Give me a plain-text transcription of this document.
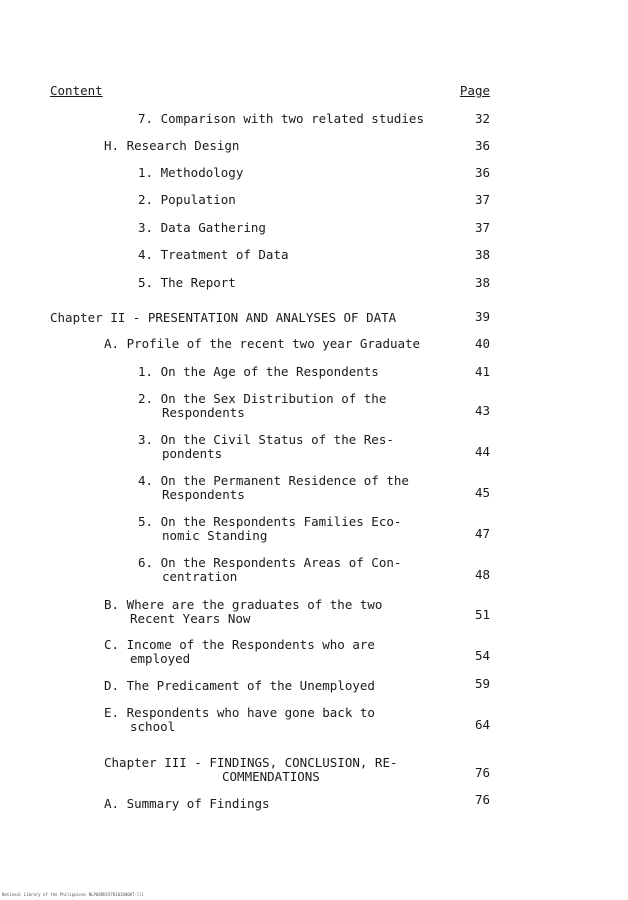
Content	Page
7. Comparison with two related studies	32
H. Research Design	36
1. Methodology	36
2. Population	37
3. Data Gathering	37
4. Treatment of Data	38
5. The Report	38
Chapter II - PRESENTATION AND ANALYSES OF DATA	39
A. Profile of the recent two year Graduate	40
1. On the Age of the Respondents	41
2. On the Sex Distribution of the
Respondents	43
3. On the Civil Status of the Res-
pondents	44
4. On the Permanent Residence of the
Respondents	45
5. On the Respondents Families Eco-
nomic Standing	47
6. On the Respondents Areas of Con-
centration	48
B. Where are the graduates of the two
Recent Years Now	51
C. Income of the Respondents who are
employed	54
D. The Predicament of the Unemployed	59
E. Respondents who have gone back to
school	64
Chapter III - FINDINGS, CONCLUSION, RE-
COMMENDATIONS	76
A. Summary of Findings	76
National Library of the Philippines NLP00RD19781010000T-lll
